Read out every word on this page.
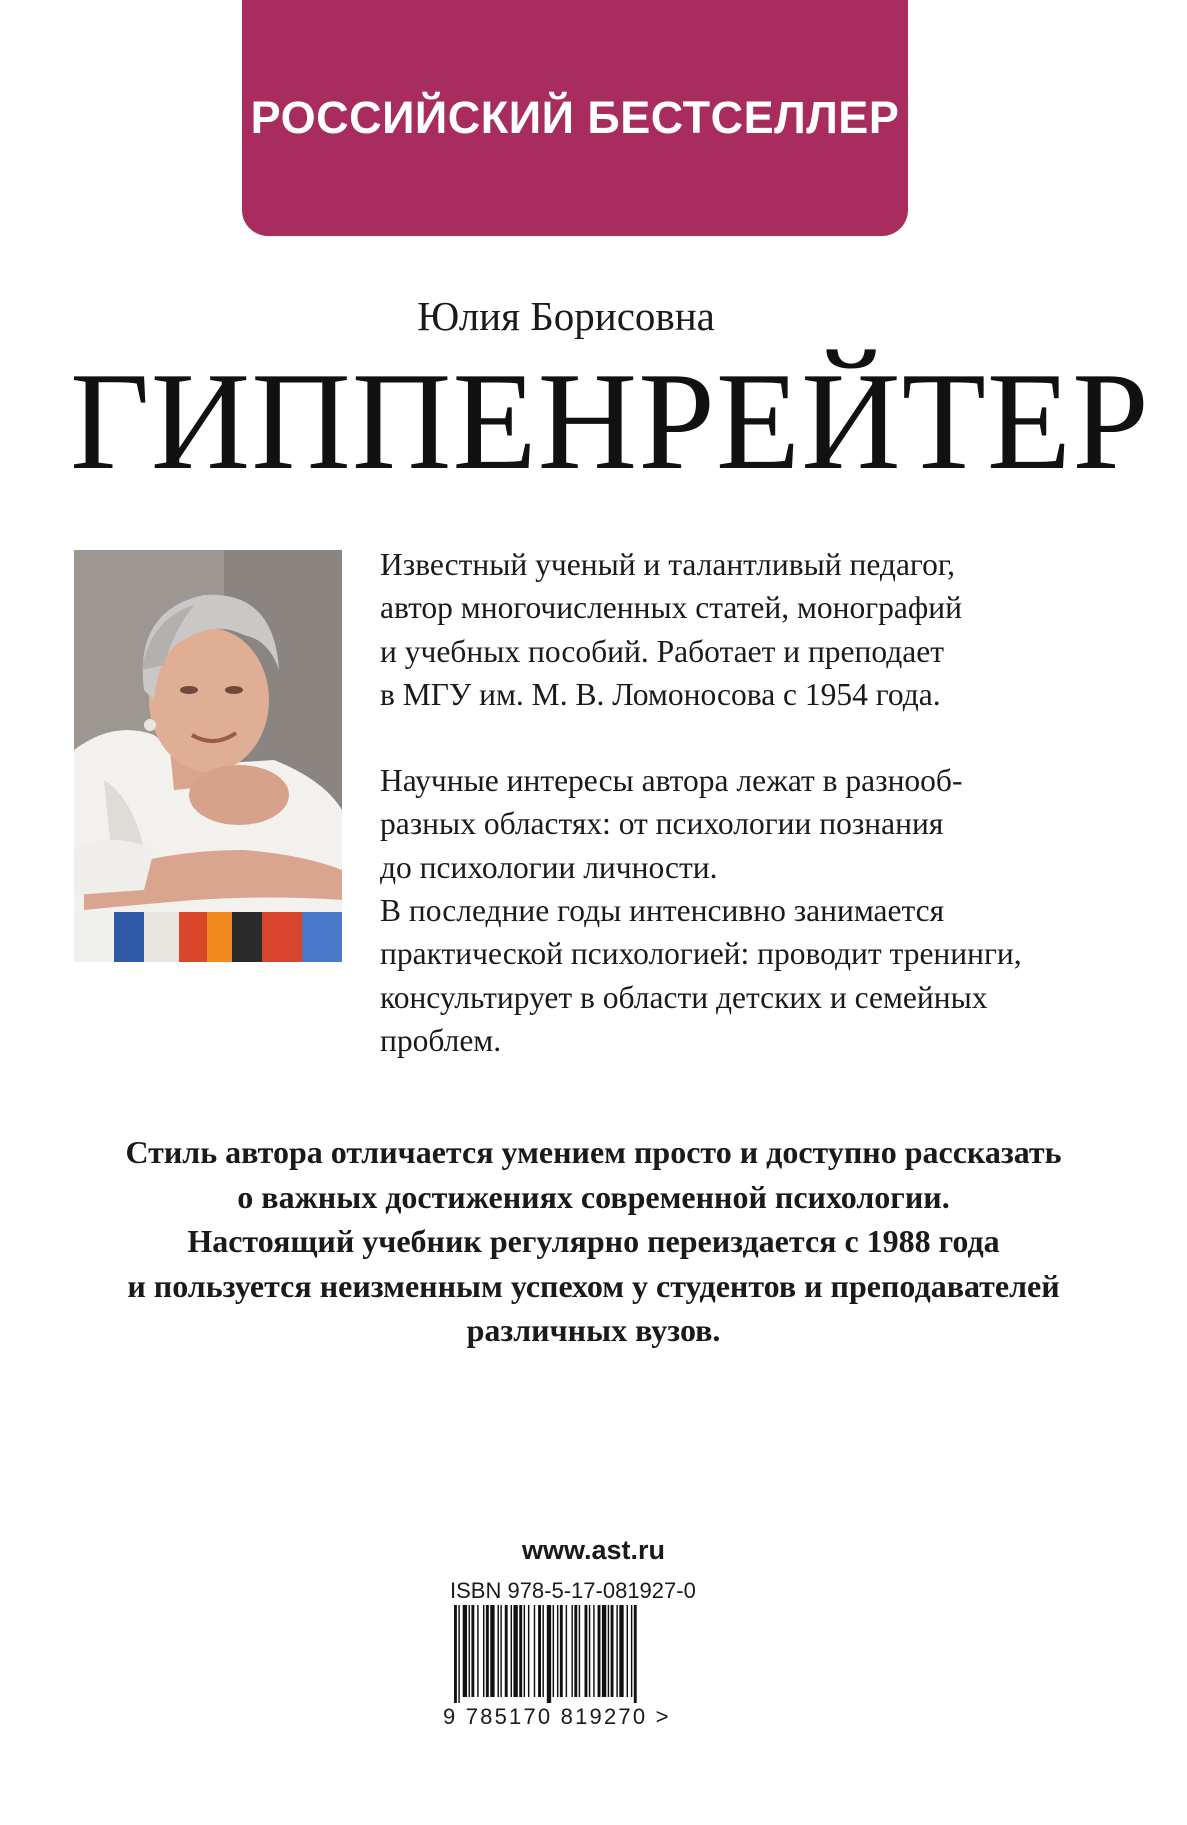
РОССИЙСКИЙ БЕСТСЕЛЛЕР
Юлия Борисовна
ГИППЕНРЕЙТЕР

Известный ученый и талантливый педагог,

автор многочисленных статей, монографий

и учебных пособий. Работает и преподает

в МГУ им. М. В. Ломоносова с 1954 года.

Научные интересы автора лежат в разнооб-

разных областях: от психологии познания

до психологии личности.

В последние годы интенсивно занимается

практической психологией: проводит тренинги,

консультирует в области детских и семейных

проблем.

Стиль автора отличается умением просто и доступно рассказать

о важных достижениях современной психологии.

Настоящий учебник регулярно переиздается с 1988 года

и пользуется неизменным успехом у студентов и преподавателей

различных вузов.

www.ast.ru
ISBN 978-5-17-081927-0
9 785170 819270 >
